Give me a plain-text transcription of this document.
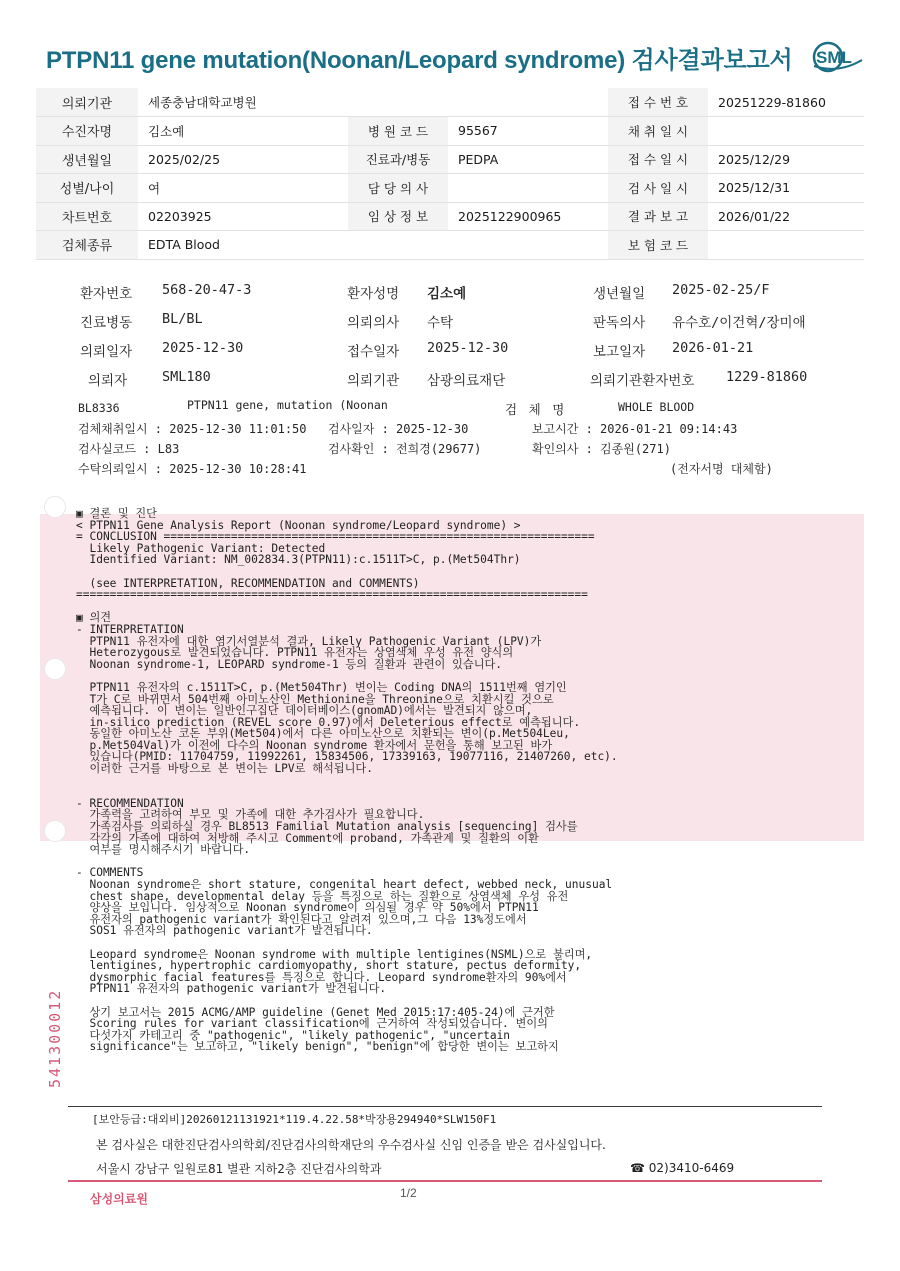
PTPN11 gene mutation(Noonan/Leopard syndrome) 검사결과보고서 SML
의뢰기관	세종충남대학교병원			접 수 번 호	20251229-81860
수진자명	김소예	병 원 코 드	95567	채 취 일 시	
생년월일	2025/02/25	진료과/병동	PEDPA	접 수 일 시	2025/12/29
성별/나이	여	담 당 의 사		검 사 일 시	2025/12/31
차트번호	02203925	임 상 정 보	2025122900965	결 과 보 고	2026/01/22
검체종류	EDTA Blood			보 험 코 드	
환자번호 568-20-47-3	환자성명 김소예	생년월일 2025-02-25/F
진료병동 BL/BL	의뢰의사 수탁	판독의사 유수호/이건혁/장미애
의뢰일자 2025-12-30	접수일자 2025-12-30	보고일자 2026-01-21
의뢰자	SML180	의뢰기관 삼광의료재단	의뢰기관환자번호 1229-81860
BL8336	PTPN11 gene, mutation (Noonan	검 체 명	WHOLE BLOOD
검체채취일시 : 2025-12-30 11:01:50 검사일자 : 2025-12-30	보고시간 : 2026-01-21 09:14:43
검사실코드 : L83	검사확인 : 전희경(29677)	확인의사 : 김종원(271)
수탁의뢰일시 : 2025-12-30 10:28:41	(전자서명 대체함)
▣ 결론 및 진단
< PTPN11 Gene Analysis Report (Noonan syndrome/Leopard syndrome) >
= CONCLUSION ================================================================
Likely Pathogenic Variant: Detected
Identified Variant: NM_002834.3(PTPN11):c.1511T>C, p.(Met504Thr)

(see INTERPRETATION, RECOMMENDATION and COMMENTS)
============================================================================

▣ 의견
- INTERPRETATION
PTPN11 유전자에 대한 염기서열분석 결과, Likely Pathogenic Variant (LPV)가
Heterozygous로 발견되었습니다. PTPN11 유전자는 상염색체 우성 유전 양식의
Noonan syndrome-1, LEOPARD syndrome-1 등의 질환과 관련이 있습니다.

PTPN11 유전자의 c.1511T>C, p.(Met504Thr) 변이는 Coding DNA의 1511번째 염기인
T가 C로 바뀌면서 504번째 아미노산인 Methionine을 Threonine으로 치환시킬 것으로
예측됩니다. 이 변이는 일반인구집단 데이터베이스(gnomAD)에서는 발견되지 않으며,
in-silico prediction (REVEL score 0.97)에서 Deleterious effect로 예측됩니다.
동일한 아미노산 코돈 부위(Met504)에서 다른 아미노산으로 치환되는 변이(p.Met504Leu,
p.Met504Val)가 이전에 다수의 Noonan syndrome 환자에서 문헌을 통해 보고된 바가
있습니다(PMID: 11704759, 11992261, 15834506, 17339163, 19077116, 21407260, etc).
이러한 근거를 바탕으로 본 변이는 LPV로 해석됩니다.

- RECOMMENDATION
가족력을 고려하여 부모 및 가족에 대한 추가검사가 필요합니다.
가족검사를 의뢰하실 경우 BL8513 Familial Mutation analysis [sequencing] 검사를
각각의 가족에 대하여 처방해 주시고 Comment에 proband, 가족관계 및 질환의 이환
여부를 명시해주시기 바랍니다.

- COMMENTS
Noonan syndrome은 short stature, congenital heart defect, webbed neck, unusual
chest shape, developmental delay 등을 특징으로 하는 질환으로 상염색체 우성 유전
양상을 보입니다. 임상적으로 Noonan syndrome이 의심될 경우 약 50%에서 PTPN11
유전자의 pathogenic variant가 확인된다고 알려져 있으며,그 다음 13%정도에서
SOS1 유전자의 pathogenic variant가 발견됩니다.

Leopard syndrome은 Noonan syndrome with multiple lentigines(NSML)으로 불리며,
lentigines, hypertrophic cardiomyopathy, short stature, pectus deformity,
dysmorphic facial features를 특징으로 합니다. Leopard syndrome환자의 90%에서
PTPN11 유전자의 pathogenic variant가 발견됩니다.

상기 보고서는 2015 ACMG/AMP guideline (Genet Med 2015:17:405-24)에 근거한
Scoring rules for variant classification에 근거하여 작성되었습니다. 변이의
다섯가지 카테고리 중 "pathogenic", "likely pathogenic", "uncertain
significance"는 보고하고, "likely benign", "benign"에 합당한 변이는 보고하지
541300012
[보안등급:대외비]20260121131921*119.4.22.58*박장용294940*SLW150F1
본 검사실은 대한진단검사의학회/진단검사의학재단의 우수검사실 신임 인증을 받은 검사실입니다.
서울시 강남구 일원로81 별관 지하2층 진단검사의학과	☎ 02)3410-6469
삼성의료원	1/2
